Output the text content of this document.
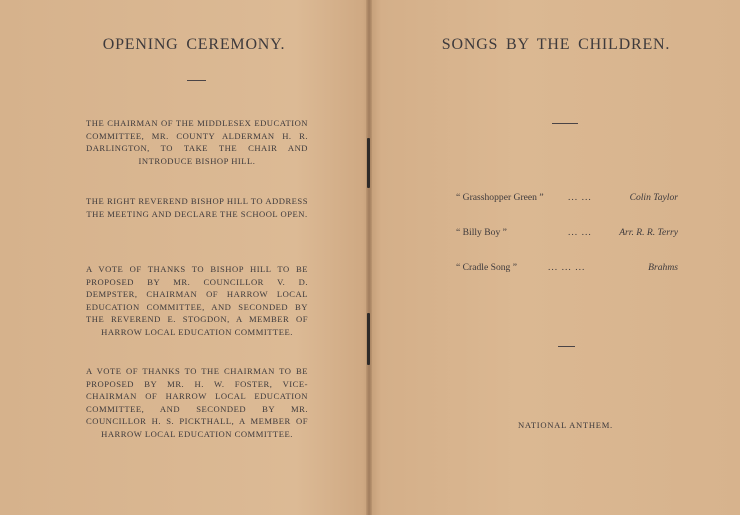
OPENING CEREMONY.
THE CHAIRMAN OF THE MIDDLESEX EDUCATION COMMITTEE, MR. COUNTY ALDERMAN H. R. DARLINGTON, TO TAKE THE CHAIR AND INTRODUCE BISHOP HILL.
THE RIGHT REVEREND BISHOP HILL TO ADDRESS THE MEETING AND DECLARE THE SCHOOL OPEN.
A VOTE OF THANKS TO BISHOP HILL TO BE PROPOSED BY MR. COUNCILLOR V. D. DEMPSTER, CHAIRMAN OF HARROW LOCAL EDUCATION COMMITTEE, AND SECONDED BY THE REVEREND E. STOGDON, A MEMBER OF HARROW LOCAL EDUCATION COMMITTEE.
A VOTE OF THANKS TO THE CHAIRMAN TO BE PROPOSED BY MR. H. W. FOSTER, VICE-CHAIRMAN OF HARROW LOCAL EDUCATION COMMITTEE, AND SECONDED BY MR. COUNCILLOR H. S. PICKTHALL, A MEMBER OF HARROW LOCAL EDUCATION COMMITTEE.
SONGS BY THE CHILDREN.
“ Grasshopper Green ”	... ...	Colin Taylor
“ Billy Boy ”	... ...	Arr. R. R. Terry
“ Cradle Song ”	... ... ...	Brahms
NATIONAL ANTHEM.
